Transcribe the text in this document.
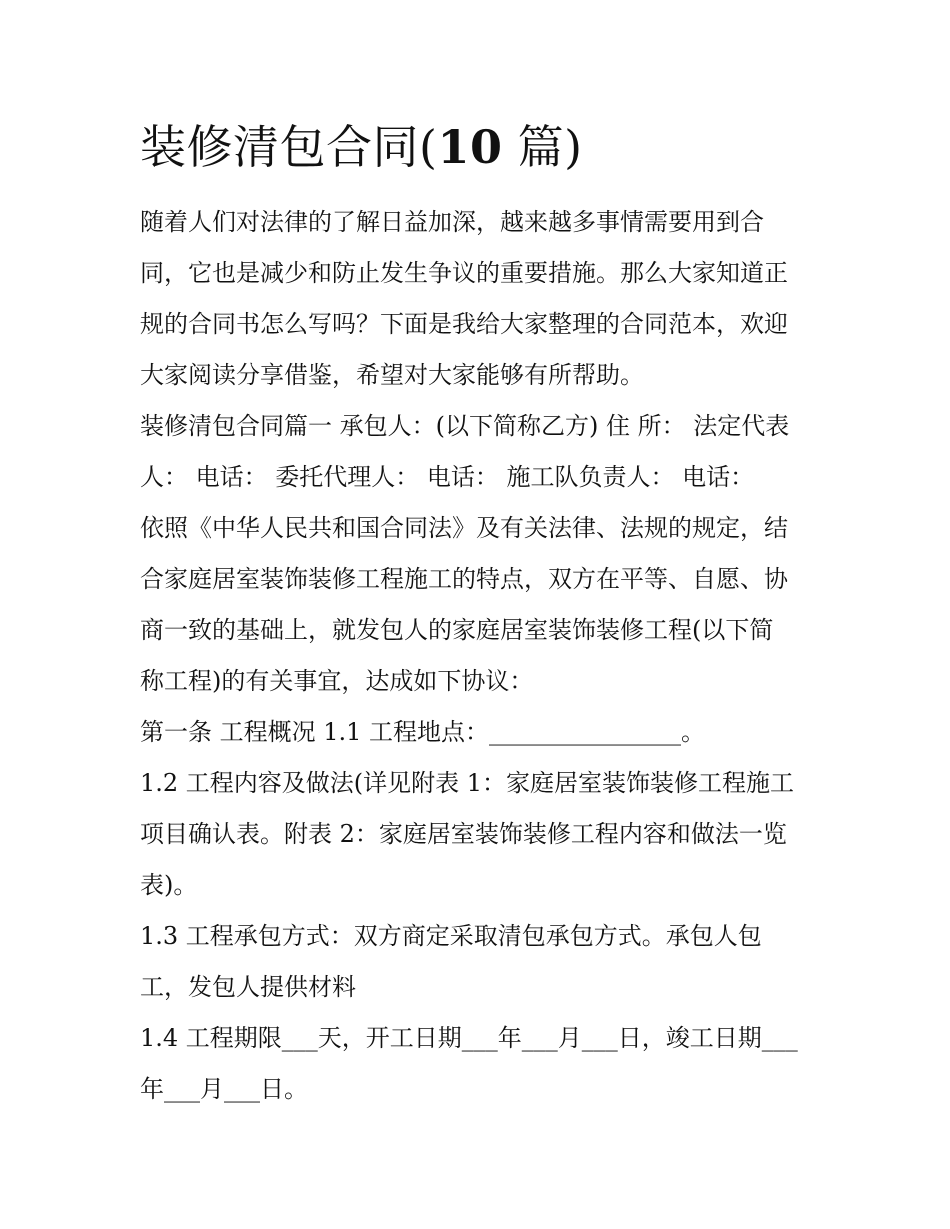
装修清包合同(10 篇)
随着人们对法律的了解日益加深，越来越多事情需要用到合
同，它也是减少和防止发生争议的重要措施。那么大家知道正
规的合同书怎么写吗？下面是我给大家整理的合同范本，欢迎
大家阅读分享借鉴，希望对大家能够有所帮助。
装修清包合同篇一 承包人：(以下简称乙方) 住 所： 法定代表
人： 电话： 委托代理人： 电话： 施工队负责人： 电话：
依照《中华人民共和国合同法》及有关法律、法规的规定，结
合家庭居室装饰装修工程施工的特点，双方在平等、自愿、协
商一致的基础上，就发包人的家庭居室装饰装修工程(以下简
称工程)的有关事宜，达成如下协议：
第一条 工程概况 1.1 工程地点：________________。
1.2 工程内容及做法(详见附表 1：家庭居室装饰装修工程施工
项目确认表。附表 2：家庭居室装饰装修工程内容和做法一览
表)。
1.3 工程承包方式：双方商定采取清包承包方式。承包人包
工，发包人提供材料
1.4 工程期限___天，开工日期___年___月___日，竣工日期___
年___月___日。
